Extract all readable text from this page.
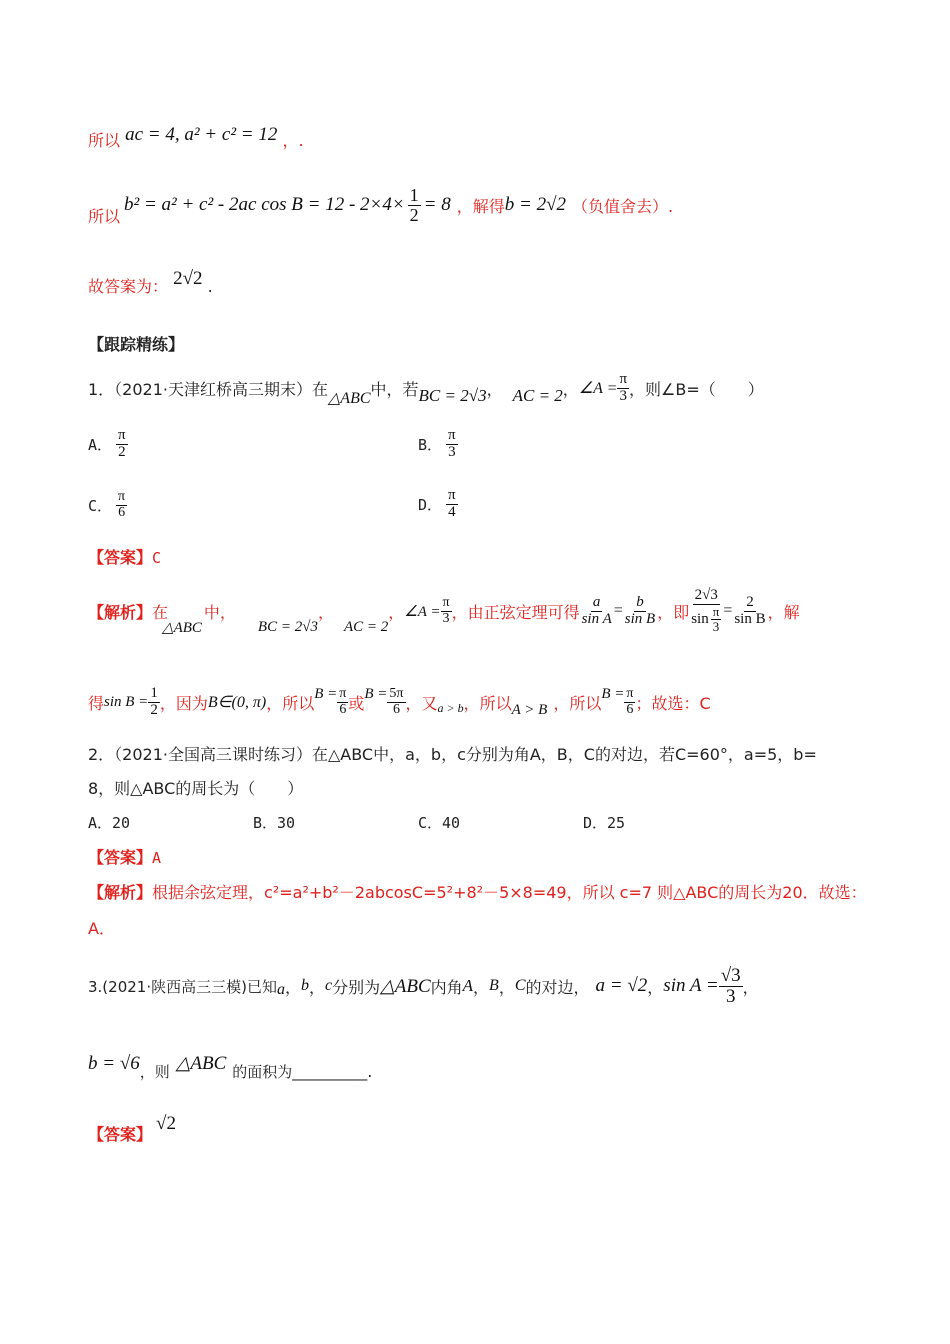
所以 ac = 4, a² + c² = 12 ，.
所以
b² = a² + c² - 2ac $\cos B = 12 - 2\times 4\times \frac{1}{2} = 8$ ，解得 b = 2√2 （负值舍去）.
故答案为： 2√2 .
【跟踪精练】
1．（2021·天津红桥高三期末）在 △ABC 中，若 BC = 2√3 ， AC = 2 ， ∠A = $\frac{\pi}{3}$ ，则∠B=（　　）
A． $\frac{\pi}{2}$	B． $\frac{\pi}{3}$
C． $\frac{\pi}{6}$	D． $\frac{\pi}{4}$
【答案】C
【解析】 在
△ABC
中，
BC = 2√3
，
AC = 2
， ∠A = $\frac{\pi}{3}$ ，由正弦定理可得 $\frac{a}{\text{sin A}} = \frac{b}{\text{sin B}}$ ，即 $\frac{2√3}{\sin \frac{\pi}{3}} = \frac{2}{\text{sin B}}$ ，解
得 $\sin B = \frac{1}{2}$ ，因为 B∈(0, π) ，所以 $B = \frac{\pi}{6}$ 或 $B = \frac{5\pi}{6}$ ，又 a > b ，所以 A > B ，所以 $B = \frac{\pi}{6}$ ；故选：C
2．（2021·全国高三课时练习）在△ABC中，a，b，c分别为角A，B，C的对边，若C=60°，a=5，b=
8，则△ABC的周长为（　　）
A．20	B．30	C．40	D．25
【答案】A
【解析】根据余弦定理，c²=a²+b²－2abcosC=5²+8²－5×8=49，所以 c=7 则△ABC的周长为20．故选：
A．
3.(2021·陕西高三三模)已知 a ， b ， c 分别为 △ABC 内角 A ， B ， C 的对边， a = √2 ， $\sin A = \frac{√3}{3}$ ，
b = √6 ，则 △ABC 的面积为 __________ .
【答案】
√2
